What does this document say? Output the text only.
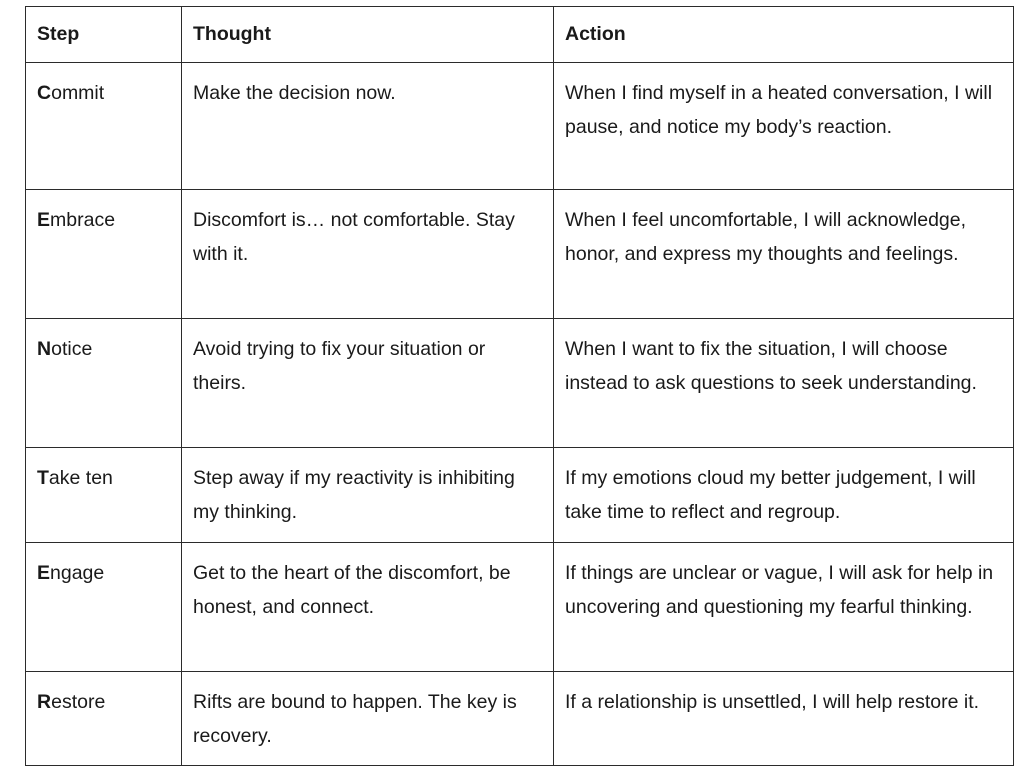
Step	Thought	Action
Commit	Make the decision now.	When I find myself in a heated conversation, I will pause, and notice my body’s reaction.
Embrace	Discomfort is… not comfortable. Stay with it.	When I feel uncomfortable, I will acknowledge, honor, and express my thoughts and feelings.
Notice	Avoid trying to fix your situation or theirs.	When I want to fix the situation, I will choose instead to ask questions to seek understanding.
Take ten	Step away if my reactivity is inhibiting my thinking.	If my emotions cloud my better judgement, I will take time to reflect and regroup.
Engage	Get to the heart of the discomfort, be honest, and connect.	If things are unclear or vague, I will ask for help in uncovering and questioning my fearful thinking.
Restore	Rifts are bound to happen. The key is recovery.	If a relationship is unsettled, I will help restore it.
